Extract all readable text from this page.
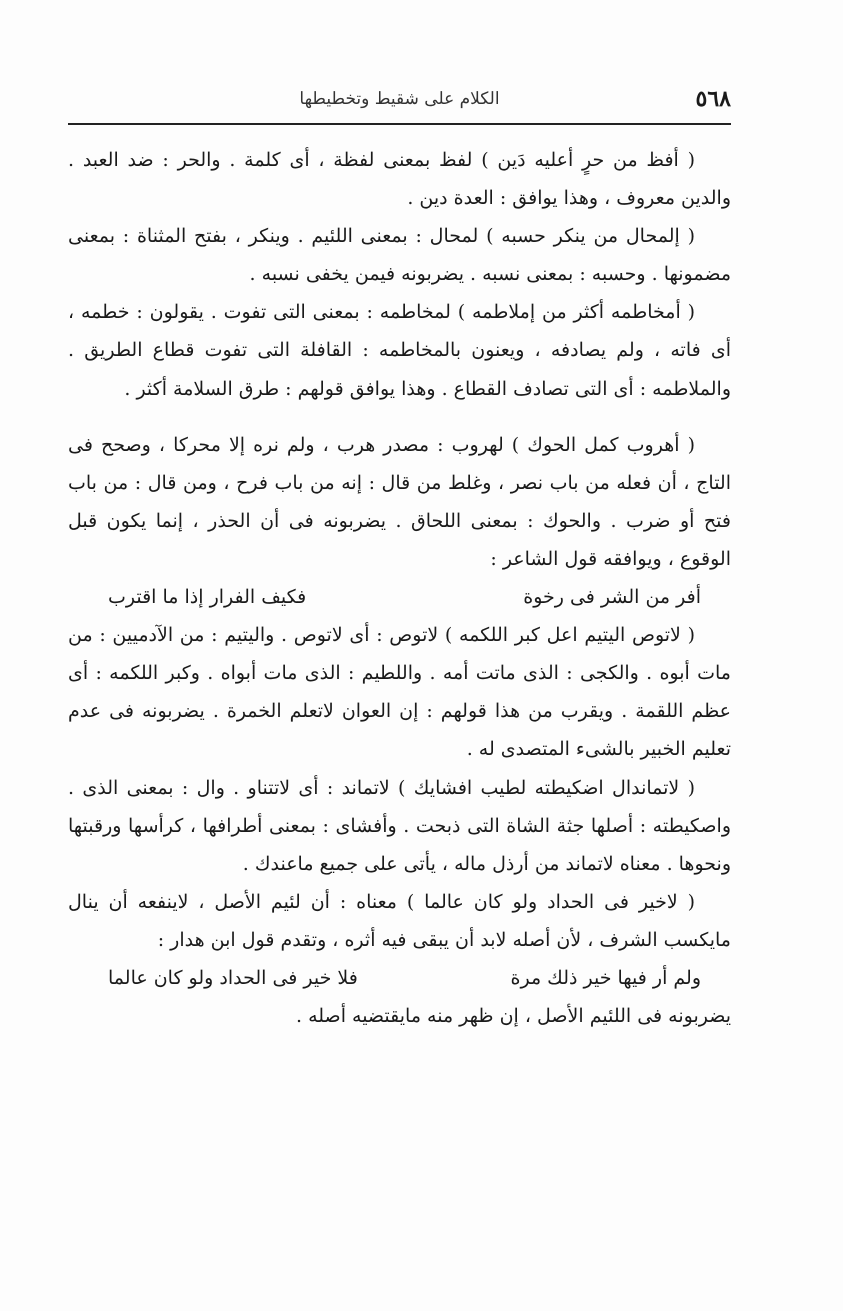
٥٦٨
الكلام على شقيط وتخطيطها

( أفظ من حرٍ أعليه دَين ) لفظ بمعنى لفظة ، أى كلمة . والحر : ضد العبد . والدين معروف ، وهذا يوافق : العدة دين .

( إلمحال من ينكر حسبه ) لمحال : بمعنى اللئيم . وينكر ، بفتح المثناة : بمعنى مضمونها . وحسبه : بمعنى نسبه . يضربونه فيمن يخفى نسبه .

( أمخاطمه أكثر من إملاطمه ) لمخاطمه : بمعنى التى تفوت . يقولون : خطمه ، أى فاته ، ولم يصادفه ، ويعنون بالمخاطمه : القافلة التى تفوت قطاع الطريق . والملاطمه : أى التى تصادف القطاع . وهذا يوافق قولهم : طرق السلامة أكثر .

( أهروب كمل الحوك ) لهروب : مصدر هرب ، ولم نره إلا محركا ، وصحح فى التاج ، أن فعله من باب نصر ، وغلط من قال : إنه من باب فرح ، ومن قال : من باب فتح أو ضرب . والحوك : بمعنى اللحاق . يضربونه فى أن الحذر ، إنما يكون قبل الوقوع ، ويوافقه قول الشاعر :

أفر من الشر فى رخوة
فكيف الفرار إذا ما اقترب

( لاتوص اليتيم اعل كبر اللكمه ) لاتوص : أى لاتوص . واليتيم : من الآدميين : من مات أبوه . والكجى : الذى ماتت أمه . واللطيم : الذى مات أبواه . وكبر اللكمه : أى عظم اللقمة . ويقرب من هذا قولهم : إن العوان لاتعلم الخمرة . يضربونه فى عدم تعليم الخبير بالشىء المتصدى له .

( لاتماندال اضكيطته لطيب افشايك ) لاتماند : أى لاتتناو . وال : بمعنى الذى . واصكيطته : أصلها جثة الشاة التى ذبحت . وأفشاى : بمعنى أطرافها ، كرأسها ورقبتها ونحوها . معناه لاتماند من أرذل ماله ، يأتى على جميع ماعندك .

( لاخير فى الحداد ولو كان عالما ) معناه : أن لئيم الأصل ، لاينفعه أن ينال مايكسب الشرف ، لأن أصله لابد أن يبقى فيه أثره ، وتقدم قول ابن هدار :

ولم أر فيها خير ذلك مرة
فلا خير فى الحداد ولو كان عالما

يضربونه فى اللئيم الأصل ، إن ظهر منه مايقتضيه أصله .
